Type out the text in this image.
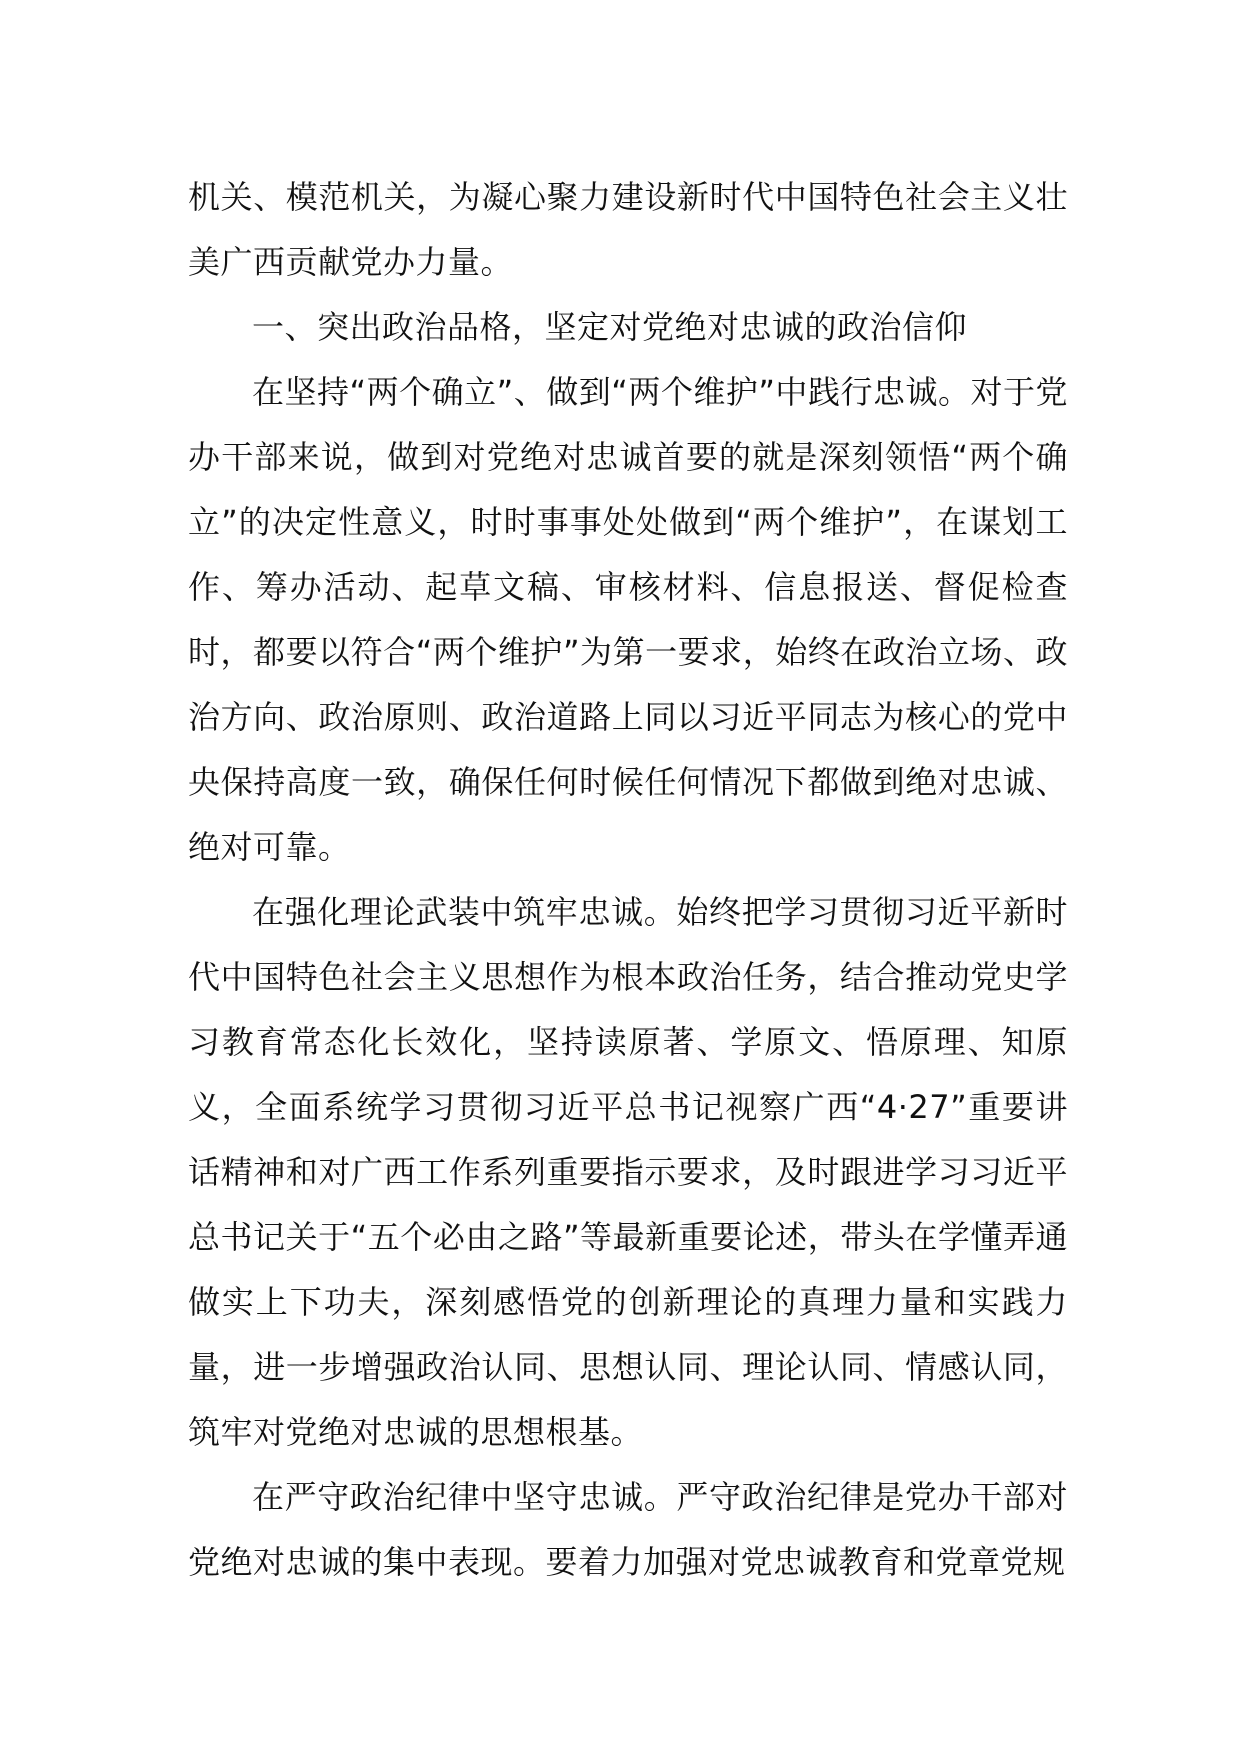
机关、模范机关，为凝心聚力建设新时代中国特色社会主义壮美广西贡献党办力量。

一、突出政治品格，坚定对党绝对忠诚的政治信仰

在坚持“两个确立”、做到“两个维护”中践行忠诚。对于党办干部来说，做到对党绝对忠诚首要的就是深刻领悟“两个确立”的决定性意义，时时事事处处做到“两个维护”，在谋划工作、筹办活动、起草文稿、审核材料、信息报送、督促检查时，都要以符合“两个维护”为第一要求，始终在政治立场、政治方向、政治原则、政治道路上同以习近平同志为核心的党中央保持高度一致，确保任何时候任何情况下都做到绝对忠诚、绝对可靠。

在强化理论武装中筑牢忠诚。始终把学习贯彻习近平新时代中国特色社会主义思想作为根本政治任务，结合推动党史学习教育常态化长效化，坚持读原著、学原文、悟原理、知原义，全面系统学习贯彻习近平总书记视察广西“4·27”重要讲话精神和对广西工作系列重要指示要求，及时跟进学习习近平总书记关于“五个必由之路”等最新重要论述，带头在学懂弄通做实上下功夫，深刻感悟党的创新理论的真理力量和实践力量，进一步增强政治认同、思想认同、理论认同、情感认同，筑牢对党绝对忠诚的思想根基。

在严守政治纪律中坚守忠诚。严守政治纪律是党办干部对党绝对忠诚的集中表现。要着力加强对党忠诚教育和党章党规
